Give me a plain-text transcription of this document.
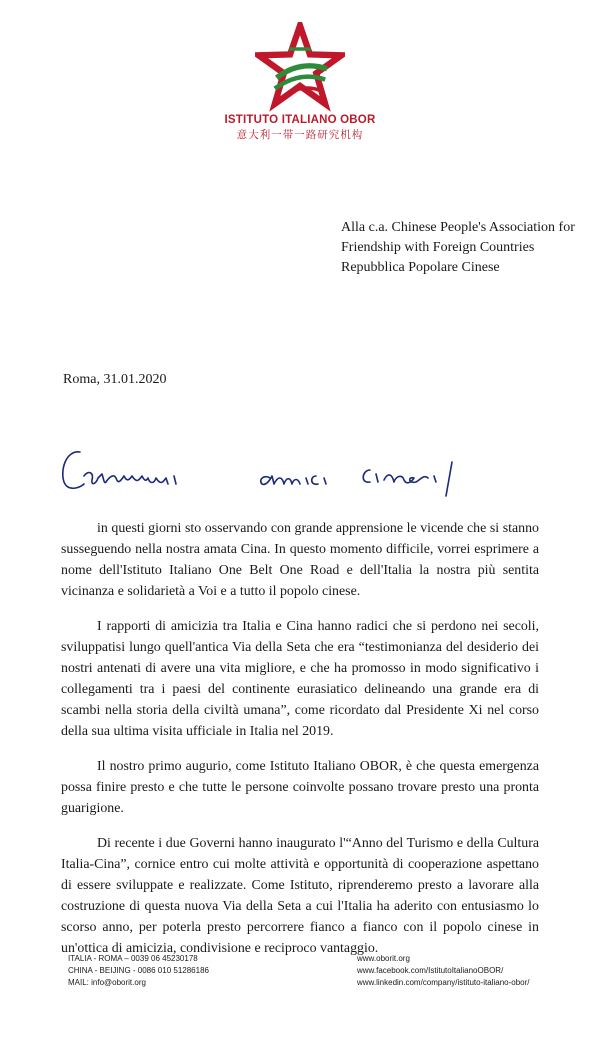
ISTITUTO ITALIANO OBOR
意大利一带一路研究机构
Alla c.a. Chinese People's Association for
Friendship with Foreign Countries
Repubblica Popolare Cinese
Roma, 31.01.2020

in questi giorni sto osservando con grande apprensione le vicende che si stanno susseguendo nella nostra amata Cina. In questo momento difficile, vorrei esprimere a nome dell'Istituto Italiano One Belt One Road e dell'Italia la nostra più sentita vicinanza e solidarietà a Voi e a tutto il popolo cinese.

I rapporti di amicizia tra Italia e Cina hanno radici che si perdono nei secoli, sviluppatisi lungo quell'antica Via della Seta che era “testimonianza del desiderio dei nostri antenati di avere una vita migliore, e che ha promosso in modo significativo i collegamenti tra i paesi del continente eurasiatico delineando una grande era di scambi nella storia della civiltà umana”, come ricordato dal Presidente Xi nel corso della sua ultima visita ufficiale in Italia nel 2019.

Il nostro primo augurio, come Istituto Italiano OBOR, è che questa emergenza possa finire presto e che tutte le persone coinvolte possano trovare presto una pronta guarigione.

Di recente i due Governi hanno inaugurato l'“Anno del Turismo e della Cultura Italia-Cina”, cornice entro cui molte attività e opportunità di cooperazione aspettano di essere sviluppate e realizzate. Come Istituto, riprenderemo presto a lavorare alla costruzione di questa nuova Via della Seta a cui l'Italia ha aderito con entusiasmo lo scorso anno, per poterla presto percorrere fianco a fianco con il popolo cinese in un'ottica di amicizia, condivisione e reciproco vantaggio.

ITALIA - ROMA – 0039 06 45230178
CHINA - BEIJING - 0086 010 51286186
MAIL: info@oborit.org
www.oborit.org
www.facebook.com/IstitutoItalianoOBOR/
www.linkedin.com/company/istituto-italiano-obor/
